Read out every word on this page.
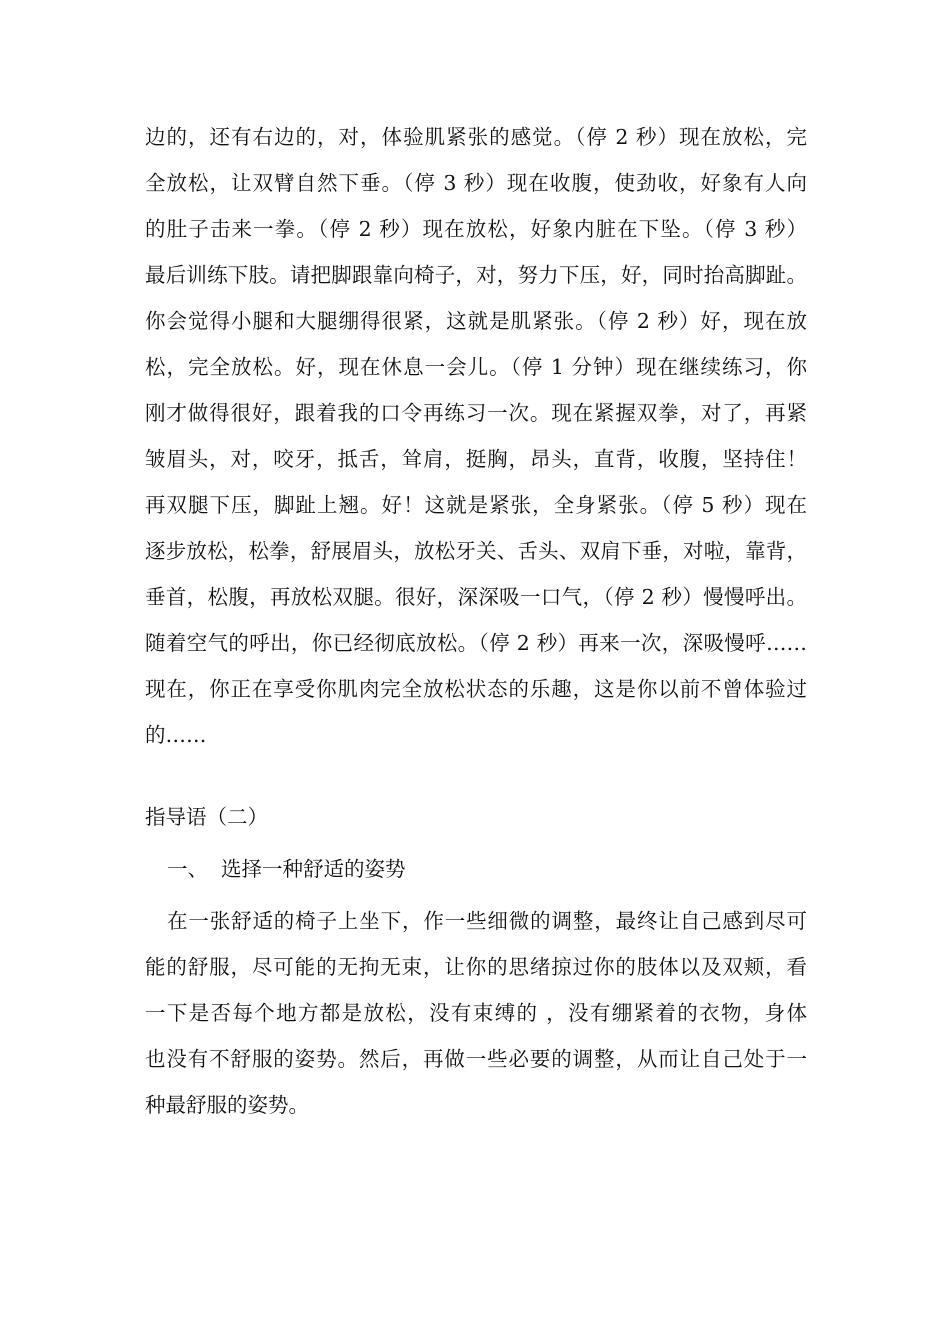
边的，还有右边的，对，体验肌紧张的感觉。（停 2 秒）现在放松，完

全放松，让双臂自然下垂。（停 3 秒）现在收腹，使劲收，好象有人向

的肚子击来一拳。（停 2 秒）现在放松，好象内脏在下坠。（停 3 秒）

最后训练下肢。请把脚跟靠向椅子，对，努力下压，好，同时抬高脚趾。

你会觉得小腿和大腿绷得很紧，这就是肌紧张。（停 2 秒）好，现在放

松，完全放松。好，现在休息一会儿。（停 1 分钟）现在继续练习，你

刚才做得很好，跟着我的口令再练习一次。现在紧握双拳，对了，再紧

皱眉头，对，咬牙，抵舌，耸肩，挺胸，昂头，直背，收腹，坚持住！

再双腿下压，脚趾上翘。好！这就是紧张，全身紧张。（停 5 秒）现在

逐步放松，松拳，舒展眉头，放松牙关、舌头、双肩下垂，对啦，靠背，

垂首，松腹，再放松双腿。很好，深深吸一口气，（停 2 秒）慢慢呼出。

随着空气的呼出，你已经彻底放松。（停 2 秒）再来一次，深吸慢呼……

现在，你正在享受你肌肉完全放松状态的乐趣，这是你以前不曾体验过

的……

指导语（二）
一、  选择一种舒适的姿势

在一张舒适的椅子上坐下，作一些细微的调整，最终让自己感到尽可

能的舒服，尽可能的无拘无束，让你的思绪掠过你的肢体以及双颊，看

一下是否每个地方都是放松，没有束缚的 ，没有绷紧着的衣物，身体

也没有不舒服的姿势。然后，再做一些必要的调整，从而让自己处于一

种最舒服的姿势。
